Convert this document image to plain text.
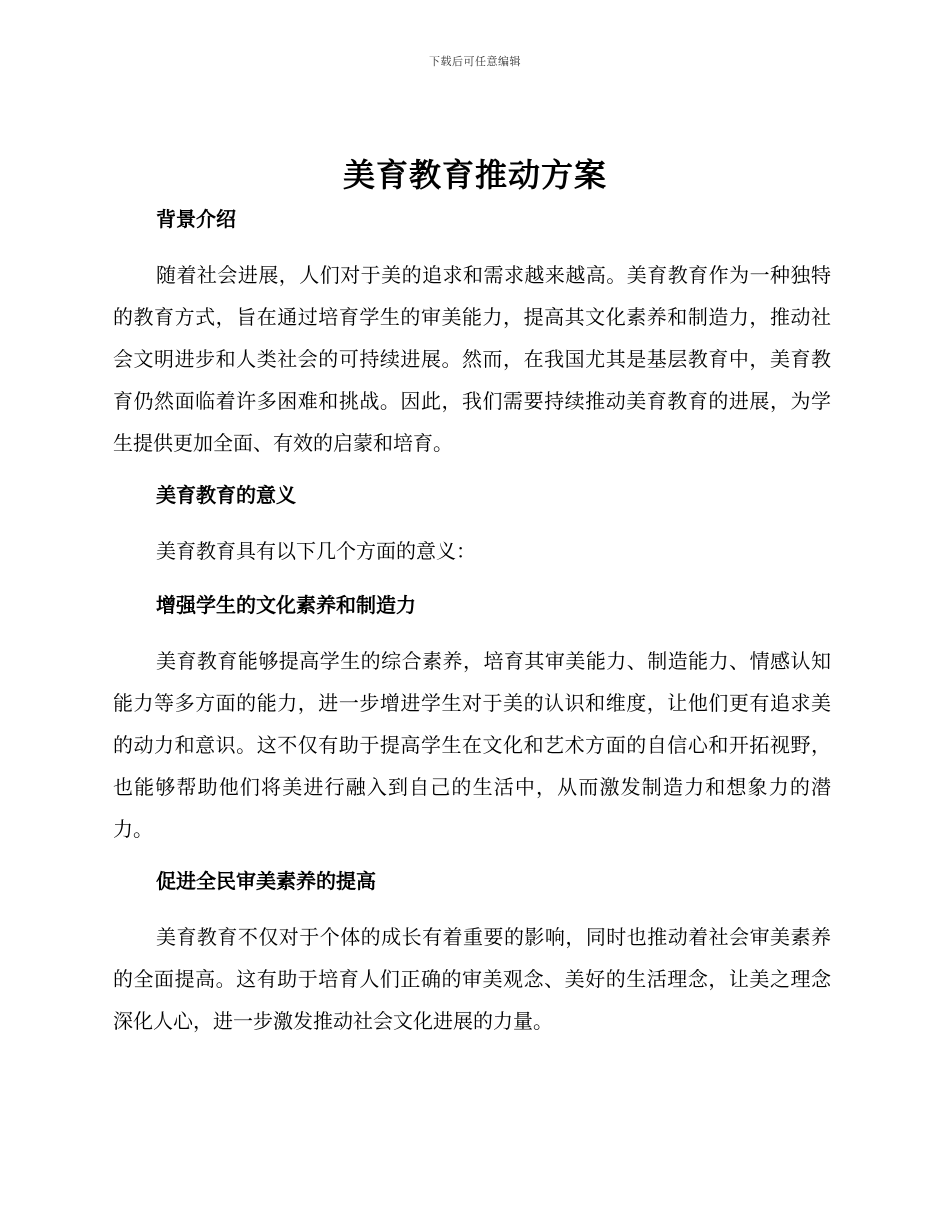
下载后可任意编辑
美育教育推动方案
背景介绍

随着社会进展，人们对于美的追求和需求越来越高。美育教育作为一种独特的教育方式，旨在通过培育学生的审美能力，提高其文化素养和制造力，推动社会文明进步和人类社会的可持续进展。然而，在我国尤其是基层教育中，美育教育仍然面临着许多困难和挑战。因此，我们需要持续推动美育教育的进展，为学生提供更加全面、有效的启蒙和培育。

美育教育的意义

美育教育具有以下几个方面的意义：

增强学生的文化素养和制造力

美育教育能够提高学生的综合素养，培育其审美能力、制造能力、情感认知能力等多方面的能力，进一步增进学生对于美的认识和维度，让他们更有追求美的动力和意识。这不仅有助于提高学生在文化和艺术方面的自信心和开拓视野，也能够帮助他们将美进行融入到自己的生活中，从而激发制造力和想象力的潜力。

促进全民审美素养的提高

美育教育不仅对于个体的成长有着重要的影响，同时也推动着社会审美素养的全面提高。这有助于培育人们正确的审美观念、美好的生活理念，让美之理念深化人心，进一步激发推动社会文化进展的力量。
